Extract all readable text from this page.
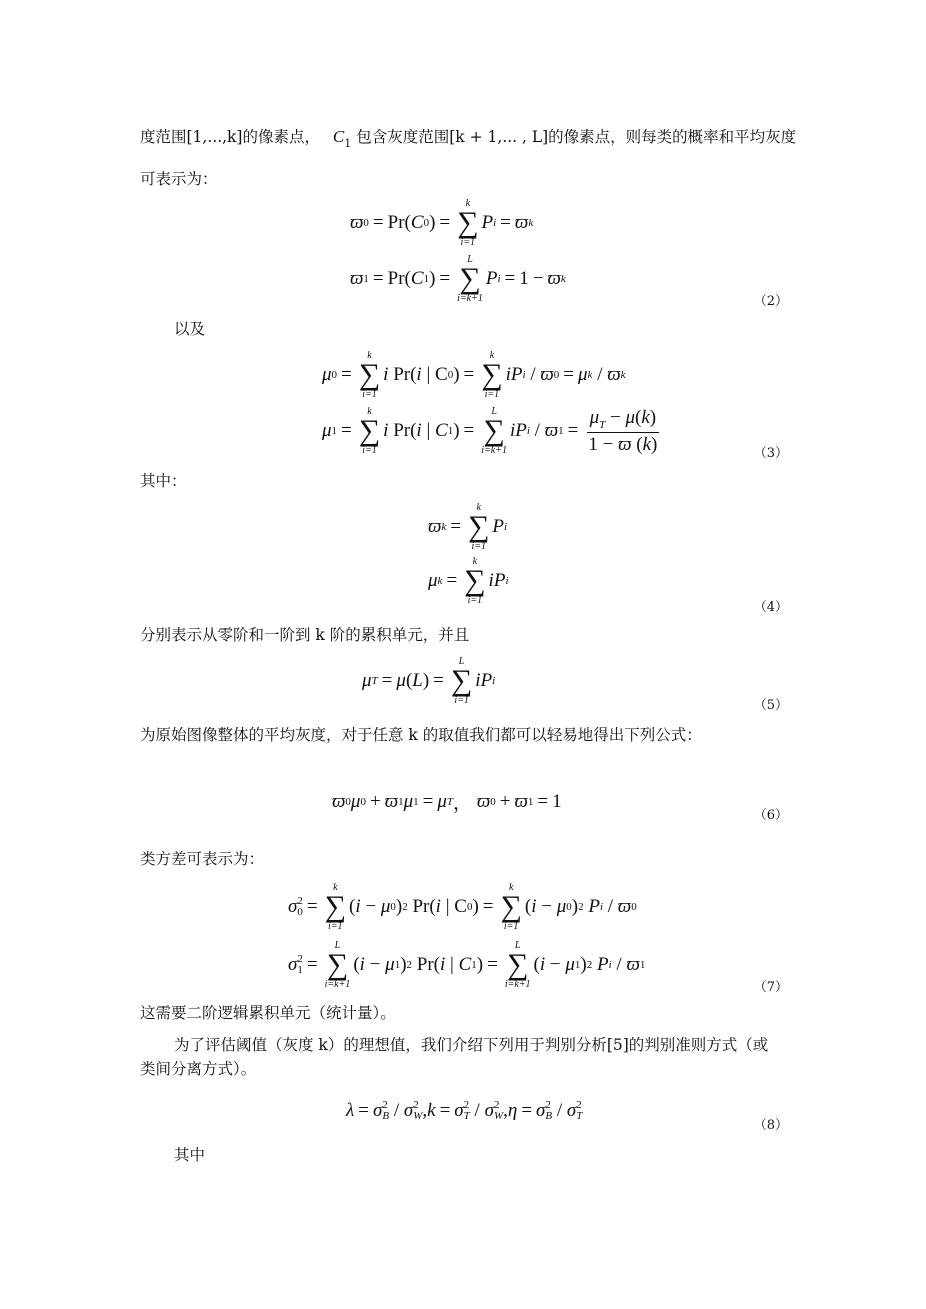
度范围[1,...,k]的像素点， $C_1$ 包含灰度范围[k + 1,... , L]的像素点，则每类的概率和平均灰度
可表示为：
ϖ 0 = Pr ( C 0 ) =
k
∑
i=1
P i = ϖ k
ϖ 1 = Pr ( C 1 ) =
L
∑
i=k+1
P i = 1 − ϖ k
（2）
以及
μ 0 =
k
∑
i=1
i
Pr ( i | C 0 ) =
k
∑
i=1
i P i / ϖ 0 = μ k / ϖ k
μ 1 =
k
∑
i=1
i
Pr ( i | C 1 ) =
L
∑
i=k+1
i P i / ϖ $1 = \frac{\mu_T - \mu(k)}{1 - ϖ (k)}$	（3）
其中：
ϖ k =
k
∑
i=1
P i
μ k =
k
∑
i=1
i P i
（4）
分别表示从零阶和一阶到 k 阶的累积单元，并且
μ T = μ ( L ) =
L
∑
i=1
i P i
（5）
为原始图像整体的平均灰度，对于任意 k 的取值我们都可以轻易地得出下列公式：
ϖ 0 μ 0 + ϖ 1 μ 1 = μ T ， ϖ 0 + ϖ 1 = 1
（6）
类方差可表示为：
σ 2
0 =
k
∑
i=1
( i − μ 0 ) 2
Pr ( i | C 0 ) =
k
∑
i=1
( i − μ 0 ) 2
P i / ϖ 0
σ 2
1 =
L
∑
i=k+1
( i − μ 1 ) 2
Pr ( i | C 1 ) =
L
∑
i=k+1
( i − μ 1 ) 2
P i / ϖ 1
（7）
这需要二阶逻辑累积单元（统计量）。
为了评估阈值（灰度 k）的理想值，我们介绍下列用于判别分析[5]的判别准则方式（或
类间分离方式）。
λ = σ 2
B / σ 2
W , k = σ 2
T / σ 2
W , η = σ 2
B / σ 2
T
（8）
其中
